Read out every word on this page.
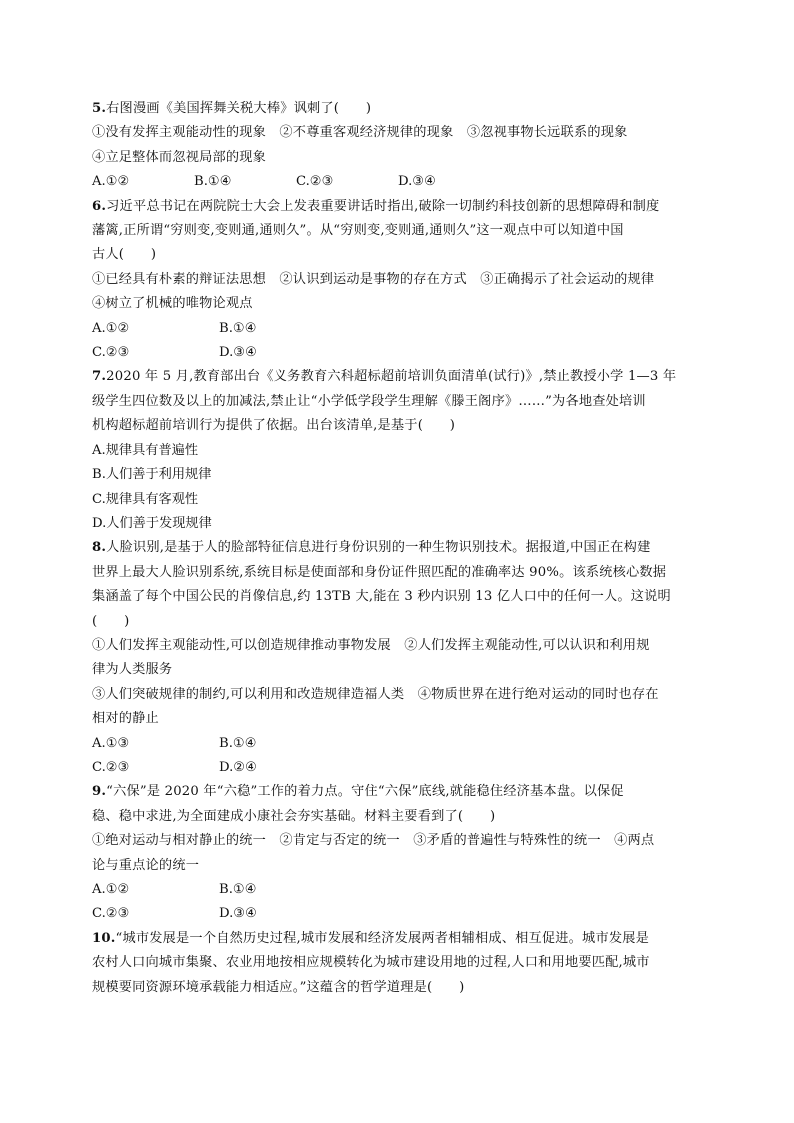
5.右图漫画《美国挥舞关税大棒》讽刺了(　　)
①没有发挥主观能动性的现象　②不尊重客观经济规律的现象　③忽视事物长远联系的现象
④立足整体而忽视局部的现象
A.①②	B.①④	C.②③	D.③④
6.习近平总书记在两院院士大会上发表重要讲话时指出,破除一切制约科技创新的思想障碍和制度
藩篱,正所谓“穷则变,变则通,通则久”。从“穷则变,变则通,通则久”这一观点中可以知道中国
古人(　　)
①已经具有朴素的辩证法思想　②认识到运动是事物的存在方式　③正确揭示了社会运动的规律
④树立了机械的唯物论观点
A.①②	B.①④
C.②③	D.③④
7.2020 年 5 月,教育部出台《义务教育六科超标超前培训负面清单(试行)》,禁止教授小学 1—3 年
级学生四位数及以上的加减法,禁止让“小学低学段学生理解《滕王阁序》……”为各地查处培训
机构超标超前培训行为提供了依据。出台该清单,是基于(　　)
A.规律具有普遍性
B.人们善于利用规律
C.规律具有客观性
D.人们善于发现规律
8.人脸识别,是基于人的脸部特征信息进行身份识别的一种生物识别技术。据报道,中国正在构建
世界上最大人脸识别系统,系统目标是使面部和身份证件照匹配的准确率达 90%。该系统核心数据
集涵盖了每个中国公民的肖像信息,约 13TB 大,能在 3 秒内识别 13 亿人口中的任何一人。这说明
(　　)
①人们发挥主观能动性,可以创造规律推动事物发展　②人们发挥主观能动性,可以认识和利用规
律为人类服务
③人们突破规律的制约,可以利用和改造规律造福人类　④物质世界在进行绝对运动的同时也存在
相对的静止
A.①③	B.①④
C.②③	D.②④
9.“六保”是 2020 年“六稳”工作的着力点。守住“六保”底线,就能稳住经济基本盘。以保促
稳、稳中求进,为全面建成小康社会夯实基础。材料主要看到了(　　)
①绝对运动与相对静止的统一　②肯定与否定的统一　③矛盾的普遍性与特殊性的统一　④两点
论与重点论的统一
A.①②	B.①④
C.②③	D.③④
10.“城市发展是一个自然历史过程,城市发展和经济发展两者相辅相成、相互促进。城市发展是
农村人口向城市集聚、农业用地按相应规模转化为城市建设用地的过程,人口和用地要匹配,城市
规模要同资源环境承载能力相适应。”这蕴含的哲学道理是(　　)
